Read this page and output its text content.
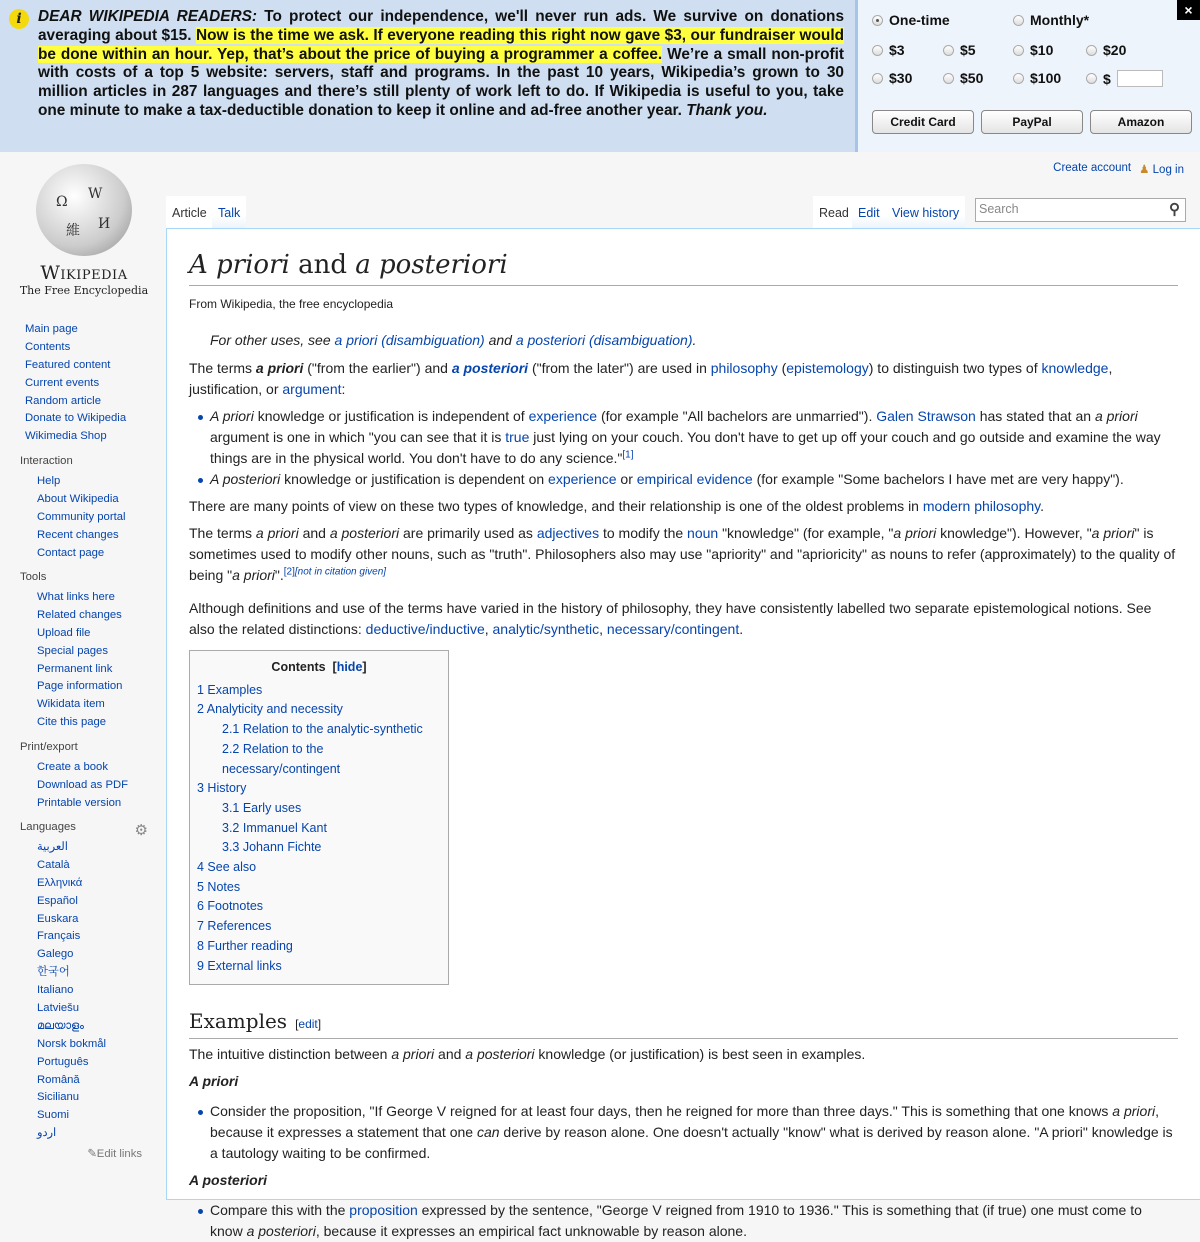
i	DEAR WIKIPEDIA READERS: To protect our independence, we'll never run ads. We survive on donations averaging about $15. Now is the time we ask. If everyone reading this right now gave $3, our fundraiser would be done within an hour. Yep, that’s about the price of buying a programmer a coffee. We’re a small non-profit with costs of a top 5 website: servers, staff and programs. In the past 10 years, Wikipedia’s grown to 30 million articles in 287 languages and there’s still plenty of work left to do. If Wikipedia is useful to you, take one minute to make a tax-deductible donation to keep it online and ad-free another year. Thank you.
One-time	Monthly*
$3	$5	$10	$20
$30	$50	$100	$
Credit Card	PayPal	Amazon
×
Create account ♟ Log in
Ω W
維 И
Wikipedia
The Free Encyclopedia
Main page
Contents
Featured content
Current events
Random article
Donate to Wikipedia
Wikimedia Shop
Interaction
Help
About Wikipedia
Community portal
Recent changes
Contact page
Tools
What links here
Related changes
Upload file
Special pages
Permanent link
Page information
Wikidata item
Cite this page
Print/export
Create a book
Download as PDF
Printable version
Languages	⚙
العربية
Català
Ελληνικά
Español
Euskara
Français
Galego
한국어
Italiano
Latviešu
മലയാളം
Norsk bokmål
Português
Română
Sicilianu
Suomi
اردو
✎Edit links
Article Talk	Read Edit View history	Search	⚲
A priori and a posteriori
From Wikipedia, the free encyclopedia
For other uses, see a priori (disambiguation) and a posteriori (disambiguation).

The terms a priori ("from the earlier") and a posteriori ("from the later") are used in philosophy (epistemology) to distinguish two types of knowledge, justification, or argument:

A priori knowledge or justification is independent of experience (for example "All bachelors are unmarried"). Galen Strawson has stated that an a priori argument is one in which "you can see that it is true just lying on your couch. You don't have to get up off your couch and go outside and examine the way things are in the physical world. You don't have to do any science."[1]
A posteriori knowledge or justification is dependent on experience or empirical evidence (for example "Some bachelors I have met are very happy").

There are many points of view on these two types of knowledge, and their relationship is one of the oldest problems in modern philosophy.

The terms a priori and a posteriori are primarily used as adjectives to modify the noun "knowledge" (for example, "a priori knowledge"). However, "a priori" is sometimes used to modify other nouns, such as "truth". Philosophers also may use "apriority" and "aprioricity" as nouns to refer (approximately) to the quality of being "a priori".[2][not in citation given]

Although definitions and use of the terms have varied in the history of philosophy, they have consistently labelled two separate epistemological notions. See also the related distinctions: deductive/inductive, analytic/synthetic, necessary/contingent.

Contents  [hide]
1 Examples
2 Analyticity and necessity
2.1 Relation to the analytic-synthetic
2.2 Relation to the necessary/contingent
3 History
3.1 Early uses
3.2 Immanuel Kant
3.3 Johann Fichte
4 See also
5 Notes
6 Footnotes
7 References
8 Further reading
9 External links
Examples [edit]

The intuitive distinction between a priori and a posteriori knowledge (or justification) is best seen in examples.

A priori
Consider the proposition, "If George V reigned for at least four days, then he reigned for more than three days." This is something that one knows a priori, because it expresses a statement that one can derive by reason alone. One doesn't actually "know" what is derived by reason alone. "A priori" knowledge is a tautology waiting to be confirmed.
A posteriori
Compare this with the proposition expressed by the sentence, "George V reigned from 1910 to 1936." This is something that (if true) one must come to know a posteriori, because it expresses an empirical fact unknowable by reason alone.
